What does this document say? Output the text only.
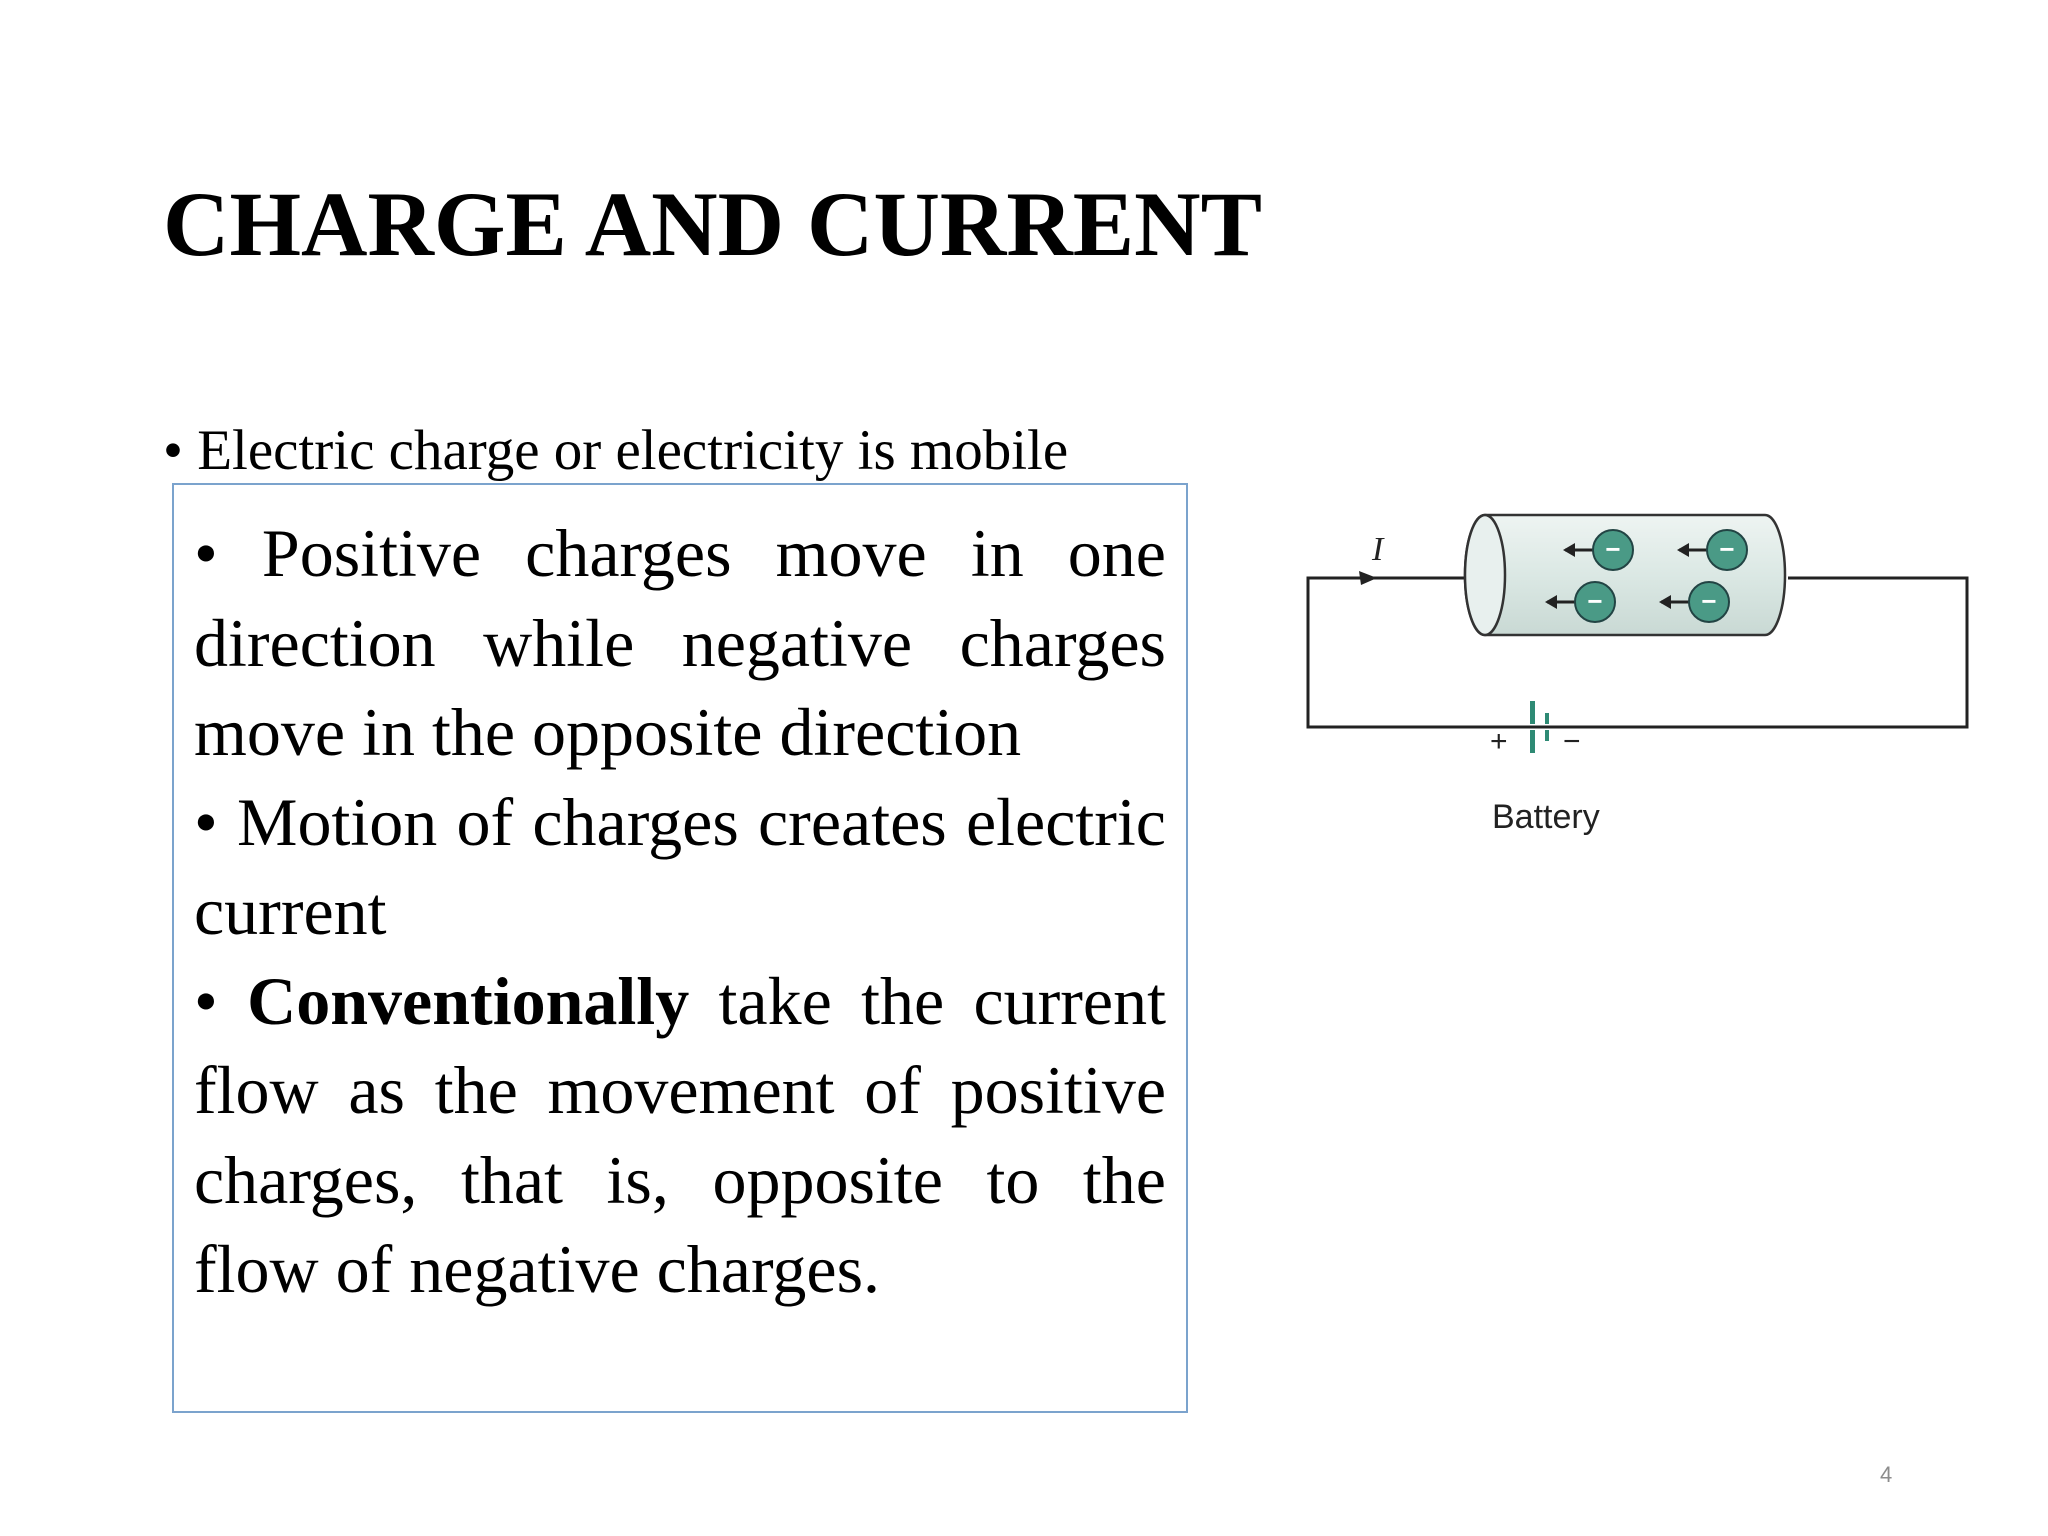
CHARGE AND CURRENT
• Electric charge or electricity is mobile

• Positive charges move in one direction while negative charges move in the opposite direction

• Motion of charges creates electric current

• Conventionally take the current flow as the movement of positive charges, that is, opposite to the flow of negative charges.

I	−	−
−	−
+ −
Battery
4
